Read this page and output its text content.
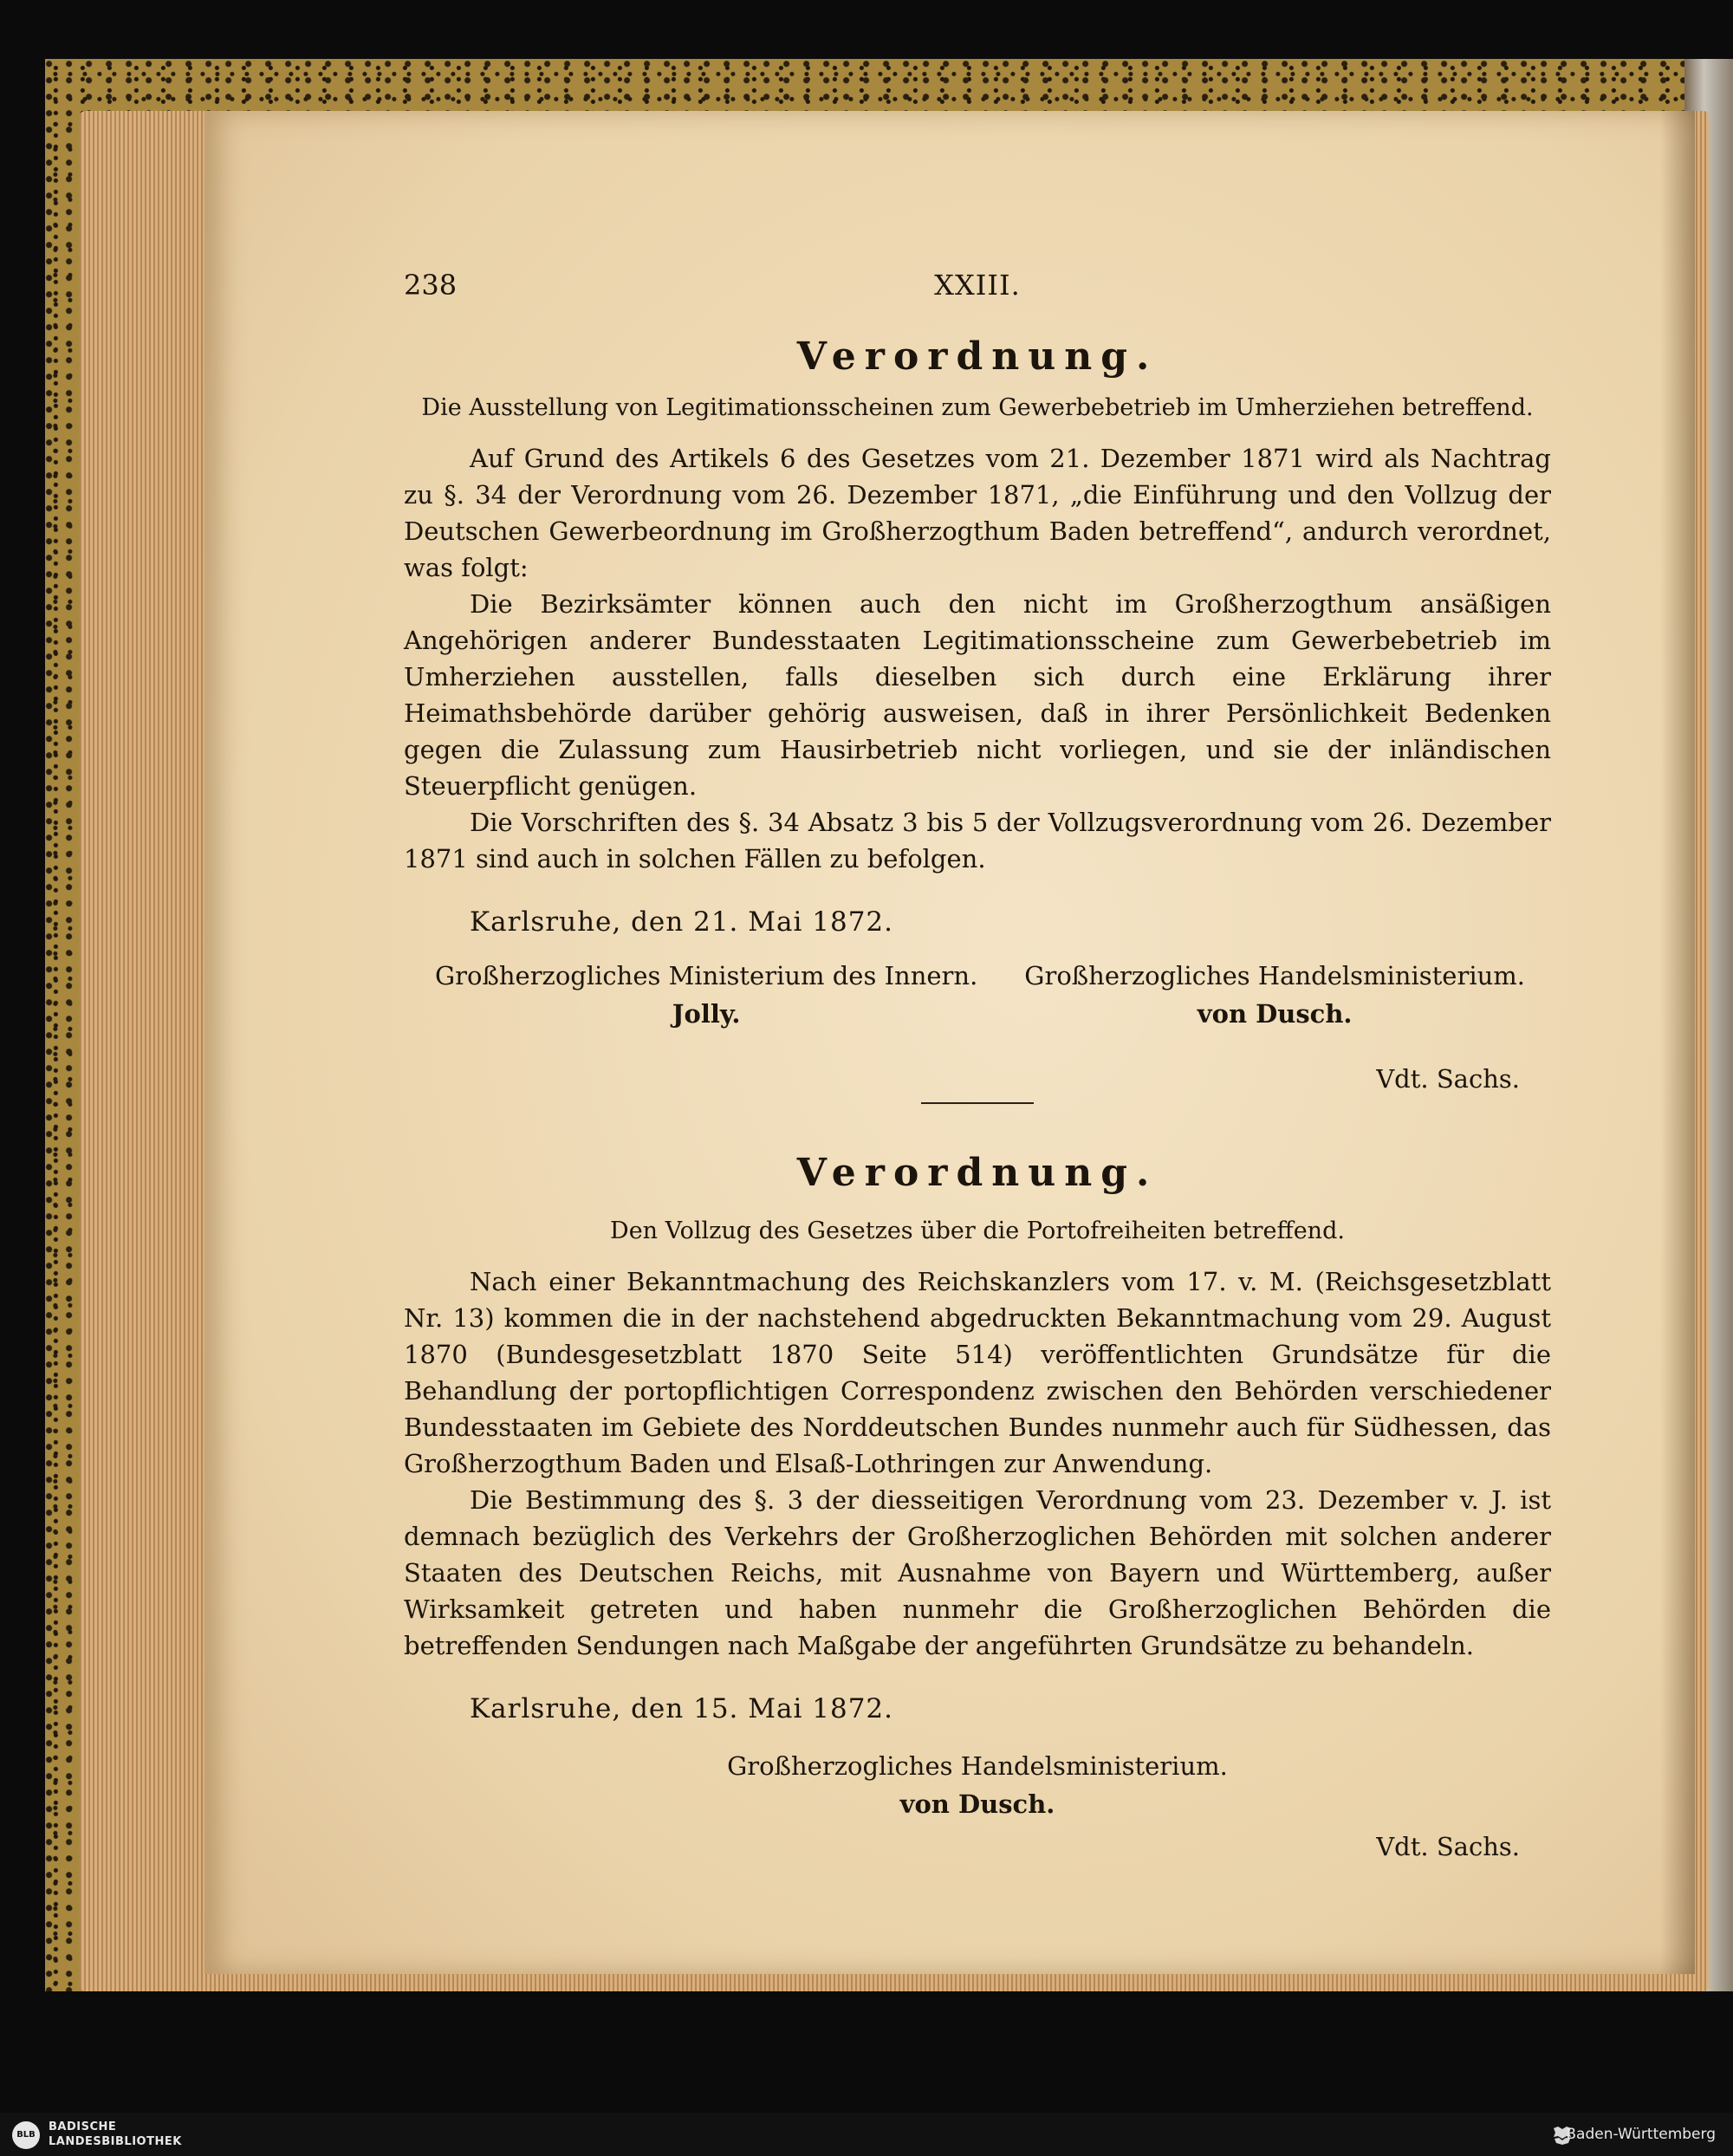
238	XXIII.
Verordnung.
Die Ausstellung von Legitimationsscheinen zum Gewerbebetrieb im Umherziehen betreffend.

Auf Grund des Artikels 6 des Gesetzes vom 21. Dezember 1871 wird als Nachtrag zu §. 34 der Verordnung vom 26. Dezember 1871, „die Einführung und den Vollzug der Deutschen Gewerbeordnung im Großherzogthum Baden betreffend“, andurch verordnet, was folgt:

Die Bezirksämter können auch den nicht im Großherzogthum ansäßigen Angehörigen anderer Bundesstaaten Legitimationsscheine zum Gewerbebetrieb im Umherziehen ausstellen, falls dieselben sich durch eine Erklärung ihrer Heimathsbehörde darüber gehörig ausweisen, daß in ihrer Persönlichkeit Bedenken gegen die Zulassung zum Hausirbetrieb nicht vorliegen, und sie der inländischen Steuerpflicht genügen.

Die Vorschriften des §. 34 Absatz 3 bis 5 der Vollzugsverordnung vom 26. Dezember 1871 sind auch in solchen Fällen zu befolgen.

Karlsruhe, den 21. Mai 1872.
Großherzogliches Ministerium des Innern.
Jolly.
Großherzogliches Handelsministerium.
von Dusch.
Vdt. Sachs.
Verordnung.
Den Vollzug des Gesetzes über die Portofreiheiten betreffend.

Nach einer Bekanntmachung des Reichskanzlers vom 17. v. M. (Reichsgesetzblatt Nr. 13) kommen die in der nachstehend abgedruckten Bekanntmachung vom 29. August 1870 (Bundesgesetzblatt 1870 Seite 514) veröffentlichten Grundsätze für die Behandlung der portopflichtigen Correspondenz zwischen den Behörden verschiedener Bundesstaaten im Gebiete des Norddeutschen Bundes nunmehr auch für Südhessen, das Großherzogthum Baden und Elsaß-Lothringen zur Anwendung.

Die Bestimmung des §. 3 der diesseitigen Verordnung vom 23. Dezember v. J. ist demnach bezüglich des Verkehrs der Großherzoglichen Behörden mit solchen anderer Staaten des Deutschen Reichs, mit Ausnahme von Bayern und Württemberg, außer Wirksamkeit getreten und haben nunmehr die Großherzoglichen Behörden die betreffenden Sendungen nach Maßgabe der angeführten Grundsätze zu behandeln.

Karlsruhe, den 15. Mai 1872.
Großherzogliches Handelsministerium.
von Dusch.
Vdt. Sachs.
BLB
BADISCHE
LANDESBIBLIOTHEK	Baden-Württemberg
